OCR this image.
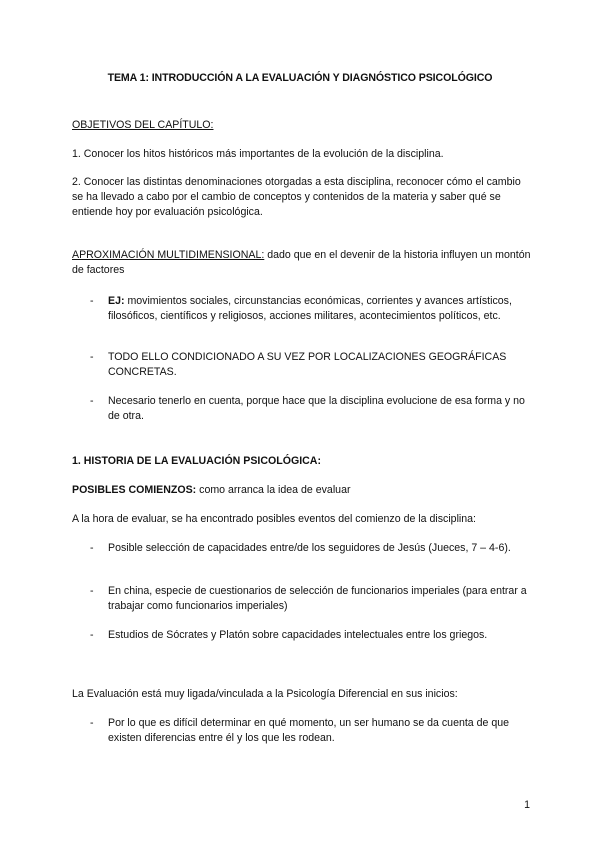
TEMA 1: INTRODUCCIÓN A LA EVALUACIÓN Y DIAGNÓSTICO PSICOLÓGICO
OBJETIVOS DEL CAPÍTULO:
1. Conocer los hitos históricos más importantes de la evolución de la disciplina.
2. Conocer las distintas denominaciones otorgadas a esta disciplina, reconocer cómo el cambio se ha llevado a cabo por el cambio de conceptos y contenidos de la materia y saber qué se entiende hoy por evaluación psicológica.
APROXIMACIÓN MULTIDIMENSIONAL: dado que en el devenir de la historia influyen un montón de factores
-	EJ: movimientos sociales, circunstancias económicas, corrientes y avances artísticos, filosóficos, científicos y religiosos, acciones militares, acontecimientos políticos, etc.
-	TODO ELLO CONDICIONADO A SU VEZ POR LOCALIZACIONES GEOGRÁFICAS CONCRETAS.
-	Necesario tenerlo en cuenta, porque hace que la disciplina evolucione de esa forma y no de otra.
1. HISTORIA DE LA EVALUACIÓN PSICOLÓGICA:
POSIBLES COMIENZOS: como arranca la idea de evaluar
A la hora de evaluar, se ha encontrado posibles eventos del comienzo de la disciplina:
-	Posible selección de capacidades entre/de los seguidores de Jesús (Jueces, 7 – 4-6).
-	En china, especie de cuestionarios de selección de funcionarios imperiales (para entrar a trabajar como funcionarios imperiales)
-	Estudios de Sócrates y Platón sobre capacidades intelectuales entre los griegos.
La Evaluación está muy ligada/vinculada a la Psicología Diferencial en sus inicios:
-	Por lo que es difícil determinar en qué momento, un ser humano se da cuenta de que existen diferencias entre él y los que les rodean.
1
